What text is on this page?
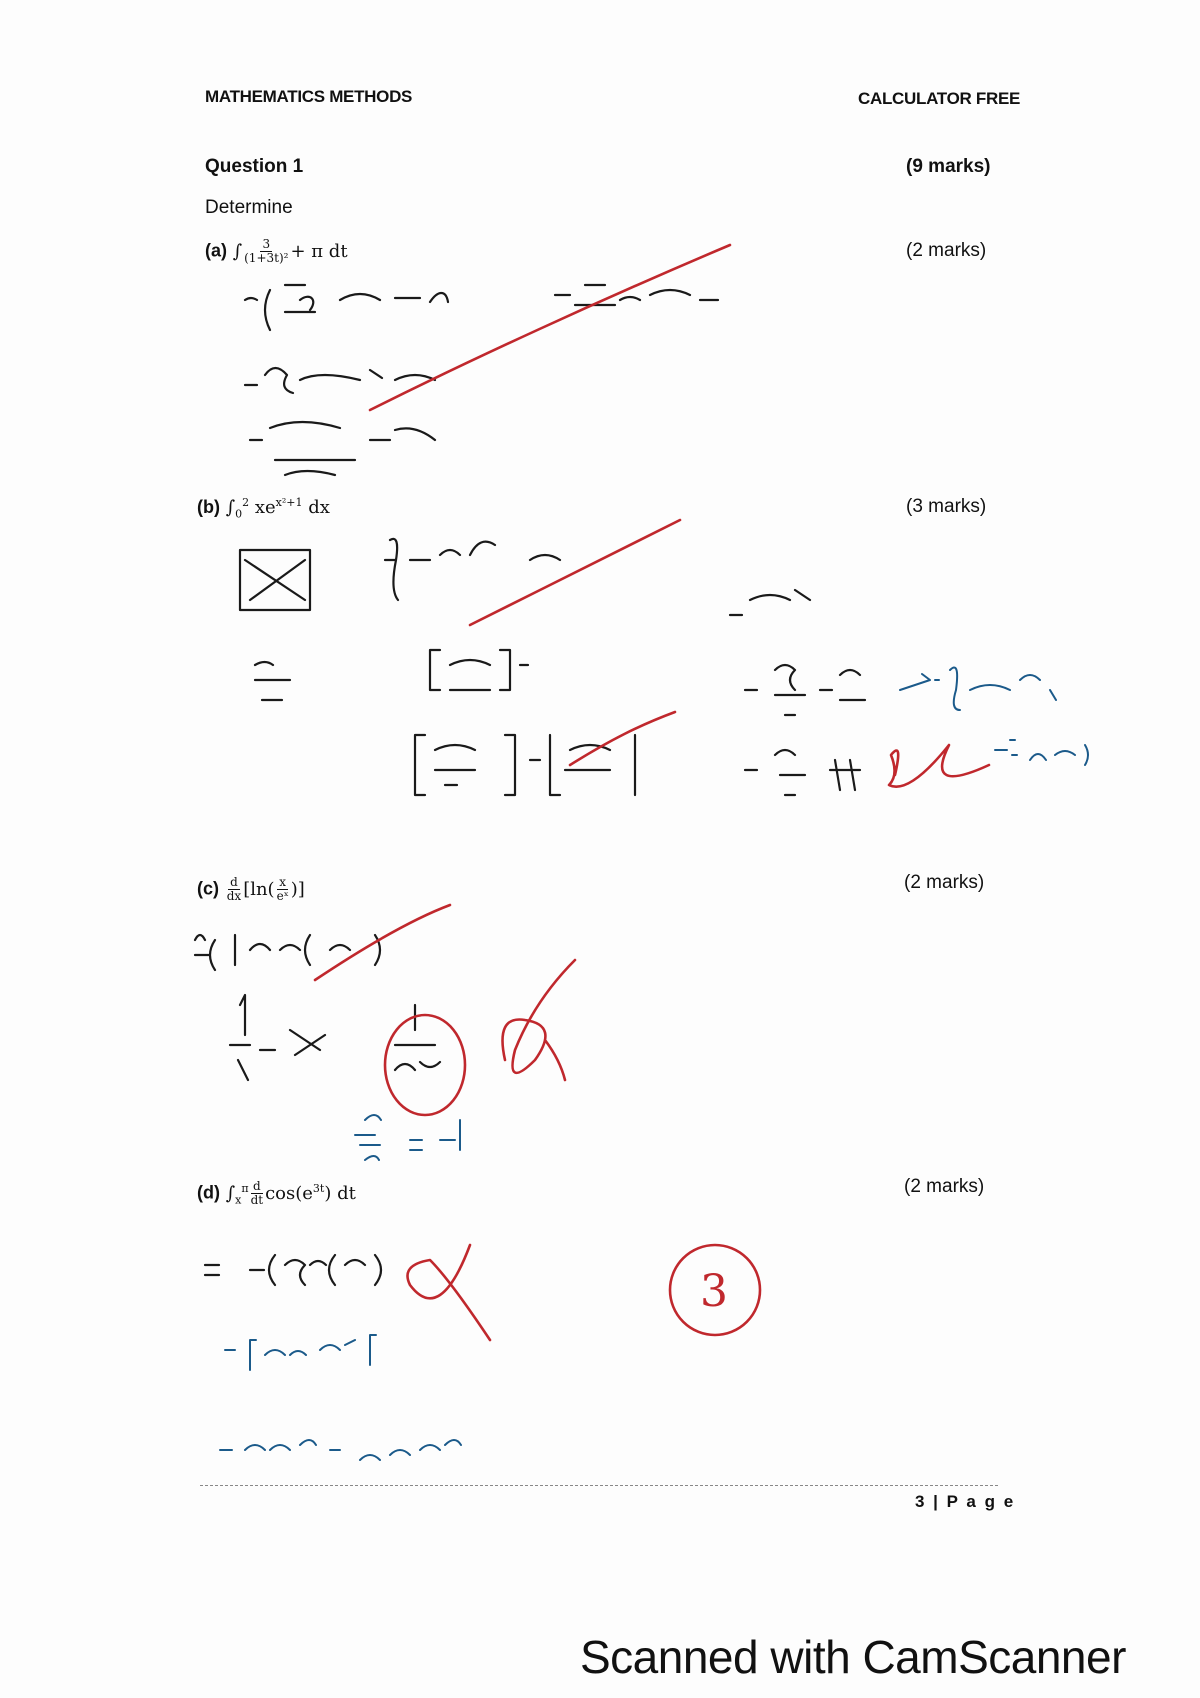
MATHEMATICS METHODS	CALCULATOR FREE
Question 1	(9 marks)
Determine
(a) ∫ $\frac{3}{\text{(1+3t)²}} + \pi$ dt	(2 marks)
(b) $\int_0^2$ $xe^{x^2+1}$ dx	(3 marks)
$(c) \frac{d}{dx} [\ln( \frac{x}{\text{eˣ}}$ )]	(2 marks)
(d) $\int_x^\pi \frac{d}{dt} \cos(e^{3t})$ dt	(2 marks)
3
3 | P a g e
Scanned with CamScanner
